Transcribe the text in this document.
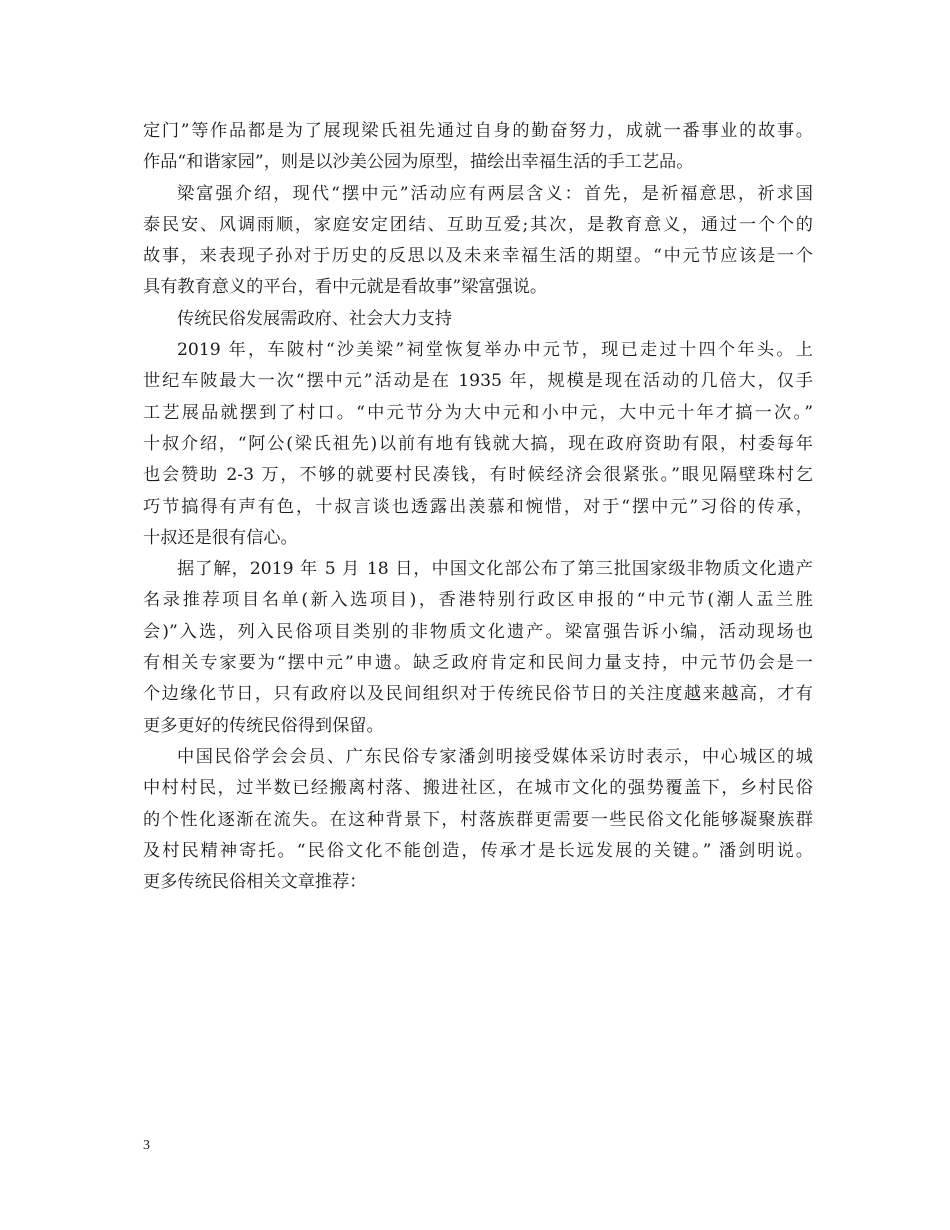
定门”等作品都是为了展现梁氏祖先通过自身的勤奋努力，成就一番事业的故事。
作品“和谐家园”，则是以沙美公园为原型，描绘出幸福生活的手工艺品。
梁富强介绍，现代“摆中元”活动应有两层含义：首先，是祈福意思，祈求国
泰民安、风调雨顺，家庭安定团结、互助互爱;其次，是教育意义，通过一个个的
故事，来表现子孙对于历史的反思以及未来幸福生活的期望。“中元节应该是一个
具有教育意义的平台，看中元就是看故事”梁富强说。
传统民俗发展需政府、社会大力支持
2019 年，车陂村“沙美梁”祠堂恢复举办中元节，现已走过十四个年头。上
世纪车陂最大一次“摆中元”活动是在 1935 年，规模是现在活动的几倍大，仅手
工艺展品就摆到了村口。“中元节分为大中元和小中元，大中元十年才搞一次。”
十叔介绍，“阿公(梁氏祖先)以前有地有钱就大搞，现在政府资助有限，村委每年
也会赞助 2-3 万，不够的就要村民凑钱，有时候经济会很紧张。”眼见隔壁珠村乞
巧节搞得有声有色，十叔言谈也透露出羡慕和惋惜，对于“摆中元”习俗的传承，
十叔还是很有信心。
据了解，2019 年 5 月 18 日，中国文化部公布了第三批国家级非物质文化遗产
名录推荐项目名单(新入选项目)，香港特别行政区申报的“中元节(潮人盂兰胜
会)”入选，列入民俗项目类别的非物质文化遗产。梁富强告诉小编，活动现场也
有相关专家要为“摆中元”申遗。缺乏政府肯定和民间力量支持，中元节仍会是一
个边缘化节日，只有政府以及民间组织对于传统民俗节日的关注度越来越高，才有
更多更好的传统民俗得到保留。
中国民俗学会会员、广东民俗专家潘剑明接受媒体采访时表示，中心城区的城
中村村民，过半数已经搬离村落、搬进社区，在城市文化的强势覆盖下，乡村民俗
的个性化逐渐在流失。在这种背景下，村落族群更需要一些民俗文化能够凝聚族群
及村民精神寄托。“民俗文化不能创造，传承才是长远发展的关键。” 潘剑明说。
更多传统民俗相关文章推荐：
3
